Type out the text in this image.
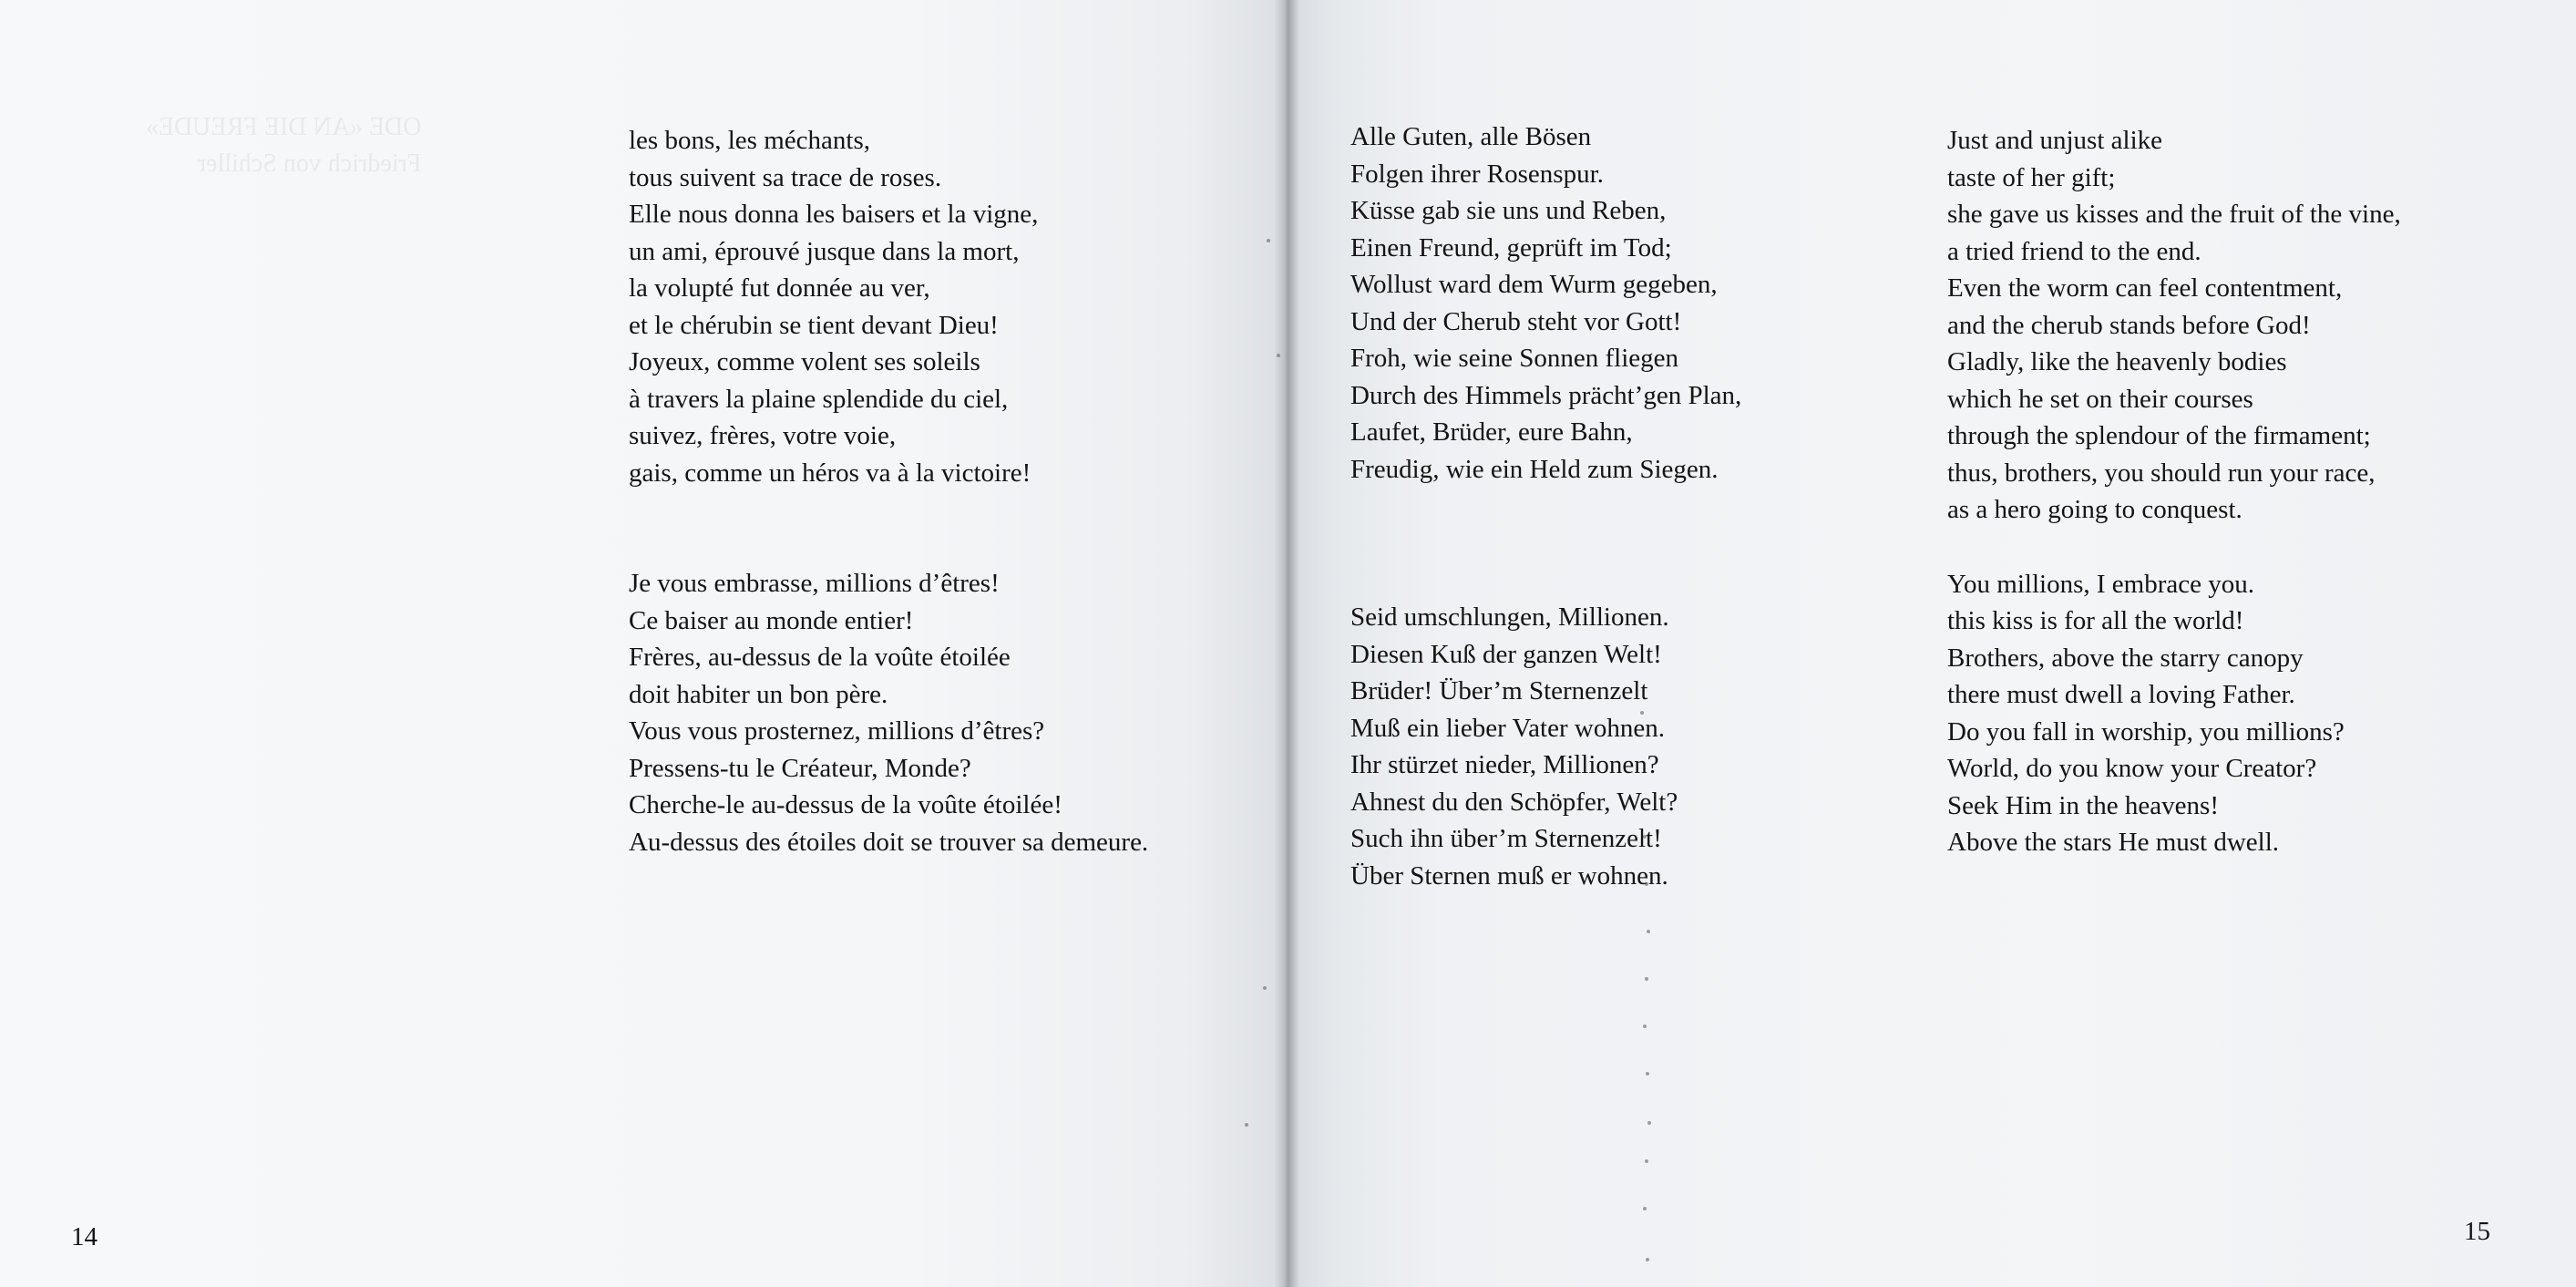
ODE «AN DIE FREUDE»
Friedrich von Schiller
les bons, les méchants,
tous suivent sa trace de roses.
Elle nous donna les baisers et la vigne,
un ami, éprouvé jusque dans la mort,
la volupté fut donnée au ver,
et le chérubin se tient devant Dieu!
Joyeux, comme volent ses soleils
à travers la plaine splendide du ciel,
suivez, frères, votre voie,
gais, comme un héros va à la victoire!
Je vous embrasse, millions d’êtres!
Ce baiser au monde entier!
Frères, au-dessus de la voûte étoilée
doit habiter un bon père.
Vous vous prosternez, millions d’êtres?
Pressens-tu le Créateur, Monde?
Cherche-le au-dessus de la voûte étoilée!
Au-dessus des étoiles doit se trouver sa demeure.
14	15
Alle Guten, alle Bösen
Folgen ihrer Rosenspur.
Küsse gab sie uns und Reben,
Einen Freund, geprüft im Tod;
Wollust ward dem Wurm gegeben,
Und der Cherub steht vor Gott!
Froh, wie seine Sonnen fliegen
Durch des Himmels prächt’gen Plan,
Laufet, Brüder, eure Bahn,
Freudig, wie ein Held zum Siegen.
Seid umschlungen, Millionen.
Diesen Kuß der ganzen Welt!
Brüder! Über’m Sternenzelt
Muß ein lieber Vater wohnen.
Ihr stürzet nieder, Millionen?
Ahnest du den Schöpfer, Welt?
Such ihn über’m Sternenzelt!
Über Sternen muß er wohnen.
Just and unjust alike
taste of her gift;
she gave us kisses and the fruit of the vine,
a tried friend to the end.
Even the worm can feel contentment,
and the cherub stands before God!
Gladly, like the heavenly bodies
which he set on their courses
through the splendour of the firmament;
thus, brothers, you should run your race,
as a hero going to conquest.
You millions, I embrace you.
this kiss is for all the world!
Brothers, above the starry canopy
there must dwell a loving Father.
Do you fall in worship, you millions?
World, do you know your Creator?
Seek Him in the heavens!
Above the stars He must dwell.
